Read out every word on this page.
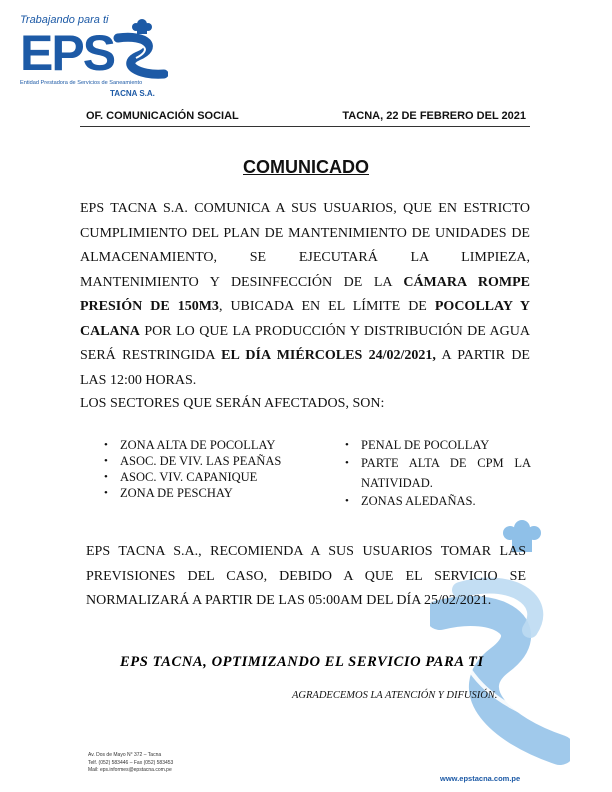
Trabajando para ti
EPS
Entidad Prestadora de Servicios de Saneamiento
TACNA S.A.
OF. COMUNICACIÓN SOCIAL	TACNA, 22 DE FEBRERO DEL 2021
COMUNICADO
EPS TACNA S.A. COMUNICA A SUS USUARIOS, QUE EN ESTRICTO
CUMPLIMIENTO DEL PLAN DE MANTENIMIENTO DE UNIDADES DE
ALMACENAMIENTO, SE EJECUTARÁ LA LIMPIEZA,
MANTENIMIENTO Y DESINFECCIÓN DE LA CÁMARA ROMPE
PRESIÓN DE 150M3, UBICADA EN EL LÍMITE DE POCOLLAY Y
CALANA POR LO QUE LA PRODUCCIÓN Y DISTRIBUCIÓN DE AGUA
SERÁ RESTRINGIDA EL DÍA MIÉRCOLES 24/02/2021, A PARTIR DE
LAS 12:00 HORAS.
LOS SECTORES QUE SERÁN AFECTADOS, SON:
• ZONA ALTA DE POCOLLAY
• ASOC. DE VIV. LAS PEAÑAS
• ASOC. VIV. CAPANIQUE
• ZONA DE PESCHAY
• PENAL DE POCOLLAY
• PARTE ALTA DE CPM LA NATIVIDAD.
• ZONAS ALEDAÑAS.
EPS TACNA S.A., RECOMIENDA A SUS USUARIOS TOMAR LAS
PREVISIONES DEL CASO, DEBIDO A QUE EL SERVICIO SE
NORMALIZARÁ A PARTIR DE LAS 05:00AM DEL DÍA 25/02/2021.
EPS TACNA, OPTIMIZANDO EL SERVICIO PARA TI
AGRADECEMOS LA ATENCIÓN Y DIFUSIÓN.
Av. Dos de Mayo N° 372 – Tacna
Telf. (052) 583446 – Fax (052) 583453
Mail: eps.informes@epstacna.com.pe
www.epstacna.com.pe
